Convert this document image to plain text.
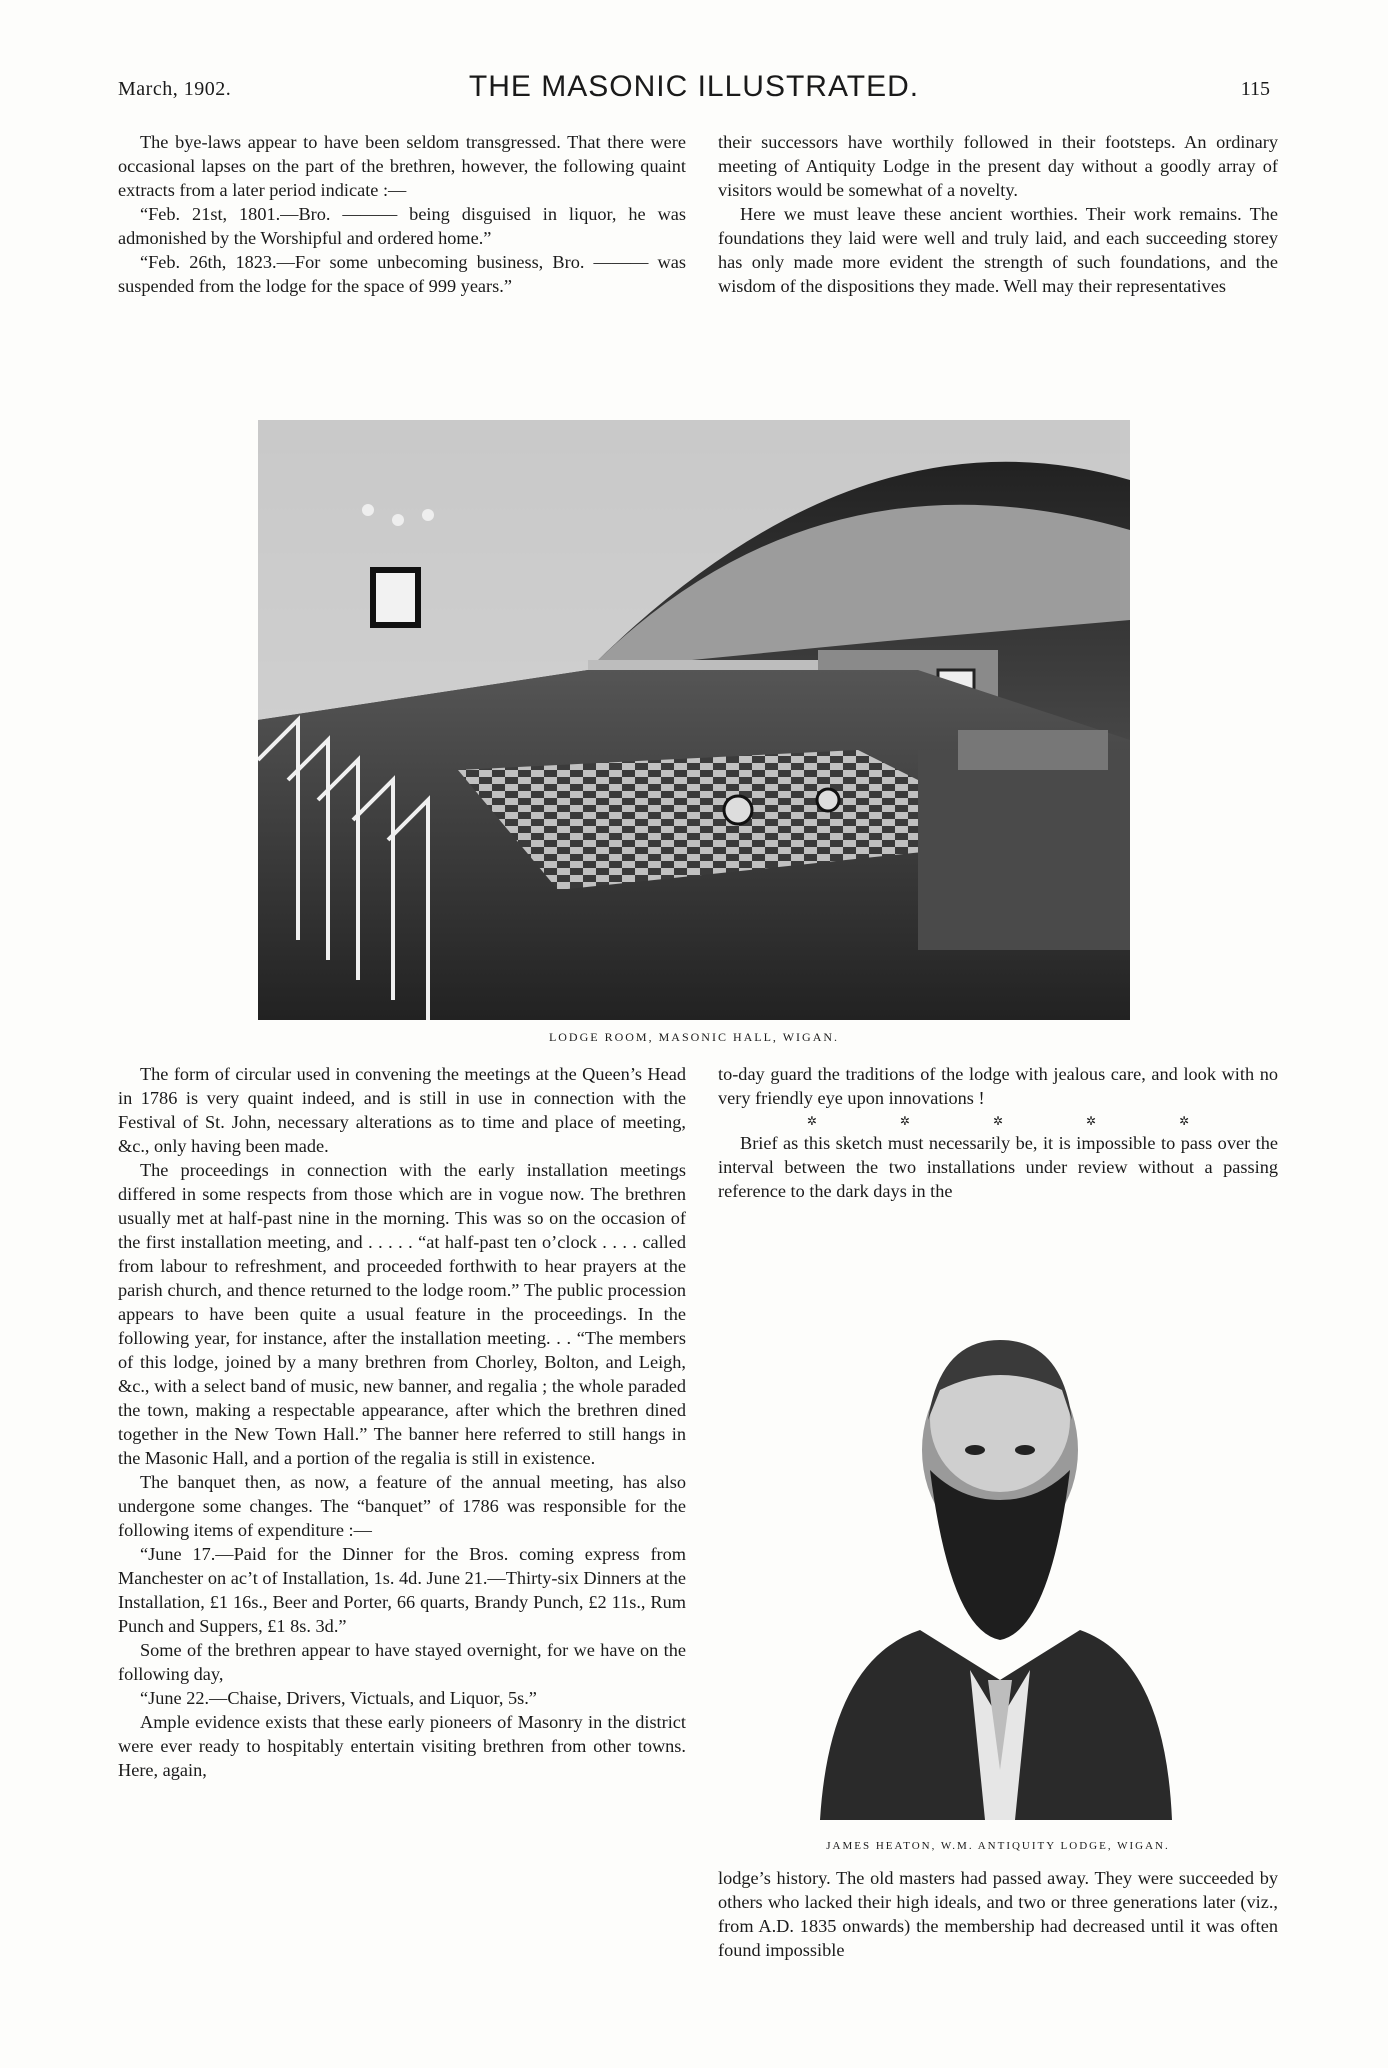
March, 1902.	THE MASONIC ILLUSTRATED.	115

The bye-laws appear to have been seldom transgressed. That there were occasional lapses on the part of the brethren, however, the following quaint extracts from a later period indicate :—

“Feb. 21st, 1801.—Bro. ——— being disguised in liquor, he was admonished by the Worshipful and ordered home.”

“Feb. 26th, 1823.—For some unbecoming business, Bro. ——— was suspended from the lodge for the space of 999 years.”

their successors have worthily followed in their footsteps. An ordinary meeting of Antiquity Lodge in the present day without a goodly array of visitors would be somewhat of a novelty.

Here we must leave these ancient worthies. Their work remains. The foundations they laid were well and truly laid, and each succeeding storey has only made more evident the strength of such foundations, and the wisdom of the dispositions they made. Well may their representatives

LODGE ROOM, MASONIC HALL, WIGAN.

The form of circular used in convening the meetings at the Queen’s Head in 1786 is very quaint indeed, and is still in use in connection with the Festival of St. John, necessary alterations as to time and place of meeting, &c., only having been made.

The proceedings in connection with the early installation meetings differed in some respects from those which are in vogue now. The brethren usually met at half-past nine in the morning. This was so on the occasion of the first installation meeting, and . . . . . “at half-past ten o’clock . . . . called from labour to refreshment, and proceeded forthwith to hear prayers at the parish church, and thence returned to the lodge room.” The public procession appears to have been quite a usual feature in the proceedings. In the following year, for instance, after the installation meeting. . . “The members of this lodge, joined by a many brethren from Chorley, Bolton, and Leigh, &c., with a select band of music, new banner, and regalia ; the whole paraded the town, making a respectable appearance, after which the brethren dined together in the New Town Hall.” The banner here referred to still hangs in the Masonic Hall, and a portion of the regalia is still in existence.

The banquet then, as now, a feature of the annual meeting, has also undergone some changes. The “banquet” of 1786 was responsible for the following items of expenditure :—

“June 17.—Paid for the Dinner for the Bros. coming express from Manchester on ac’t of Installation, 1s. 4d. June 21.—Thirty-six Dinners at the Installation, £1 16s., Beer and Porter, 66 quarts, Brandy Punch, £2 11s., Rum Punch and Suppers, £1 8s. 3d.”

Some of the brethren appear to have stayed overnight, for we have on the following day,

“June 22.—Chaise, Drivers, Victuals, and Liquor, 5s.”

Ample evidence exists that these early pioneers of Masonry in the district were ever ready to hospitably entertain visiting brethren from other towns. Here, again,

to-day guard the traditions of the lodge with jealous care, and look with no very friendly eye upon innovations !

✲ ✲ ✲ ✲ ✲

Brief as this sketch must necessarily be, it is impossible to pass over the interval between the two installations under review without a passing reference to the dark days in the

JAMES HEATON, W.M. ANTIQUITY LODGE, WIGAN.

lodge’s history. The old masters had passed away. They were succeeded by others who lacked their high ideals, and two or three generations later (viz., from A.D. 1835 onwards) the membership had decreased until it was often found impossible
